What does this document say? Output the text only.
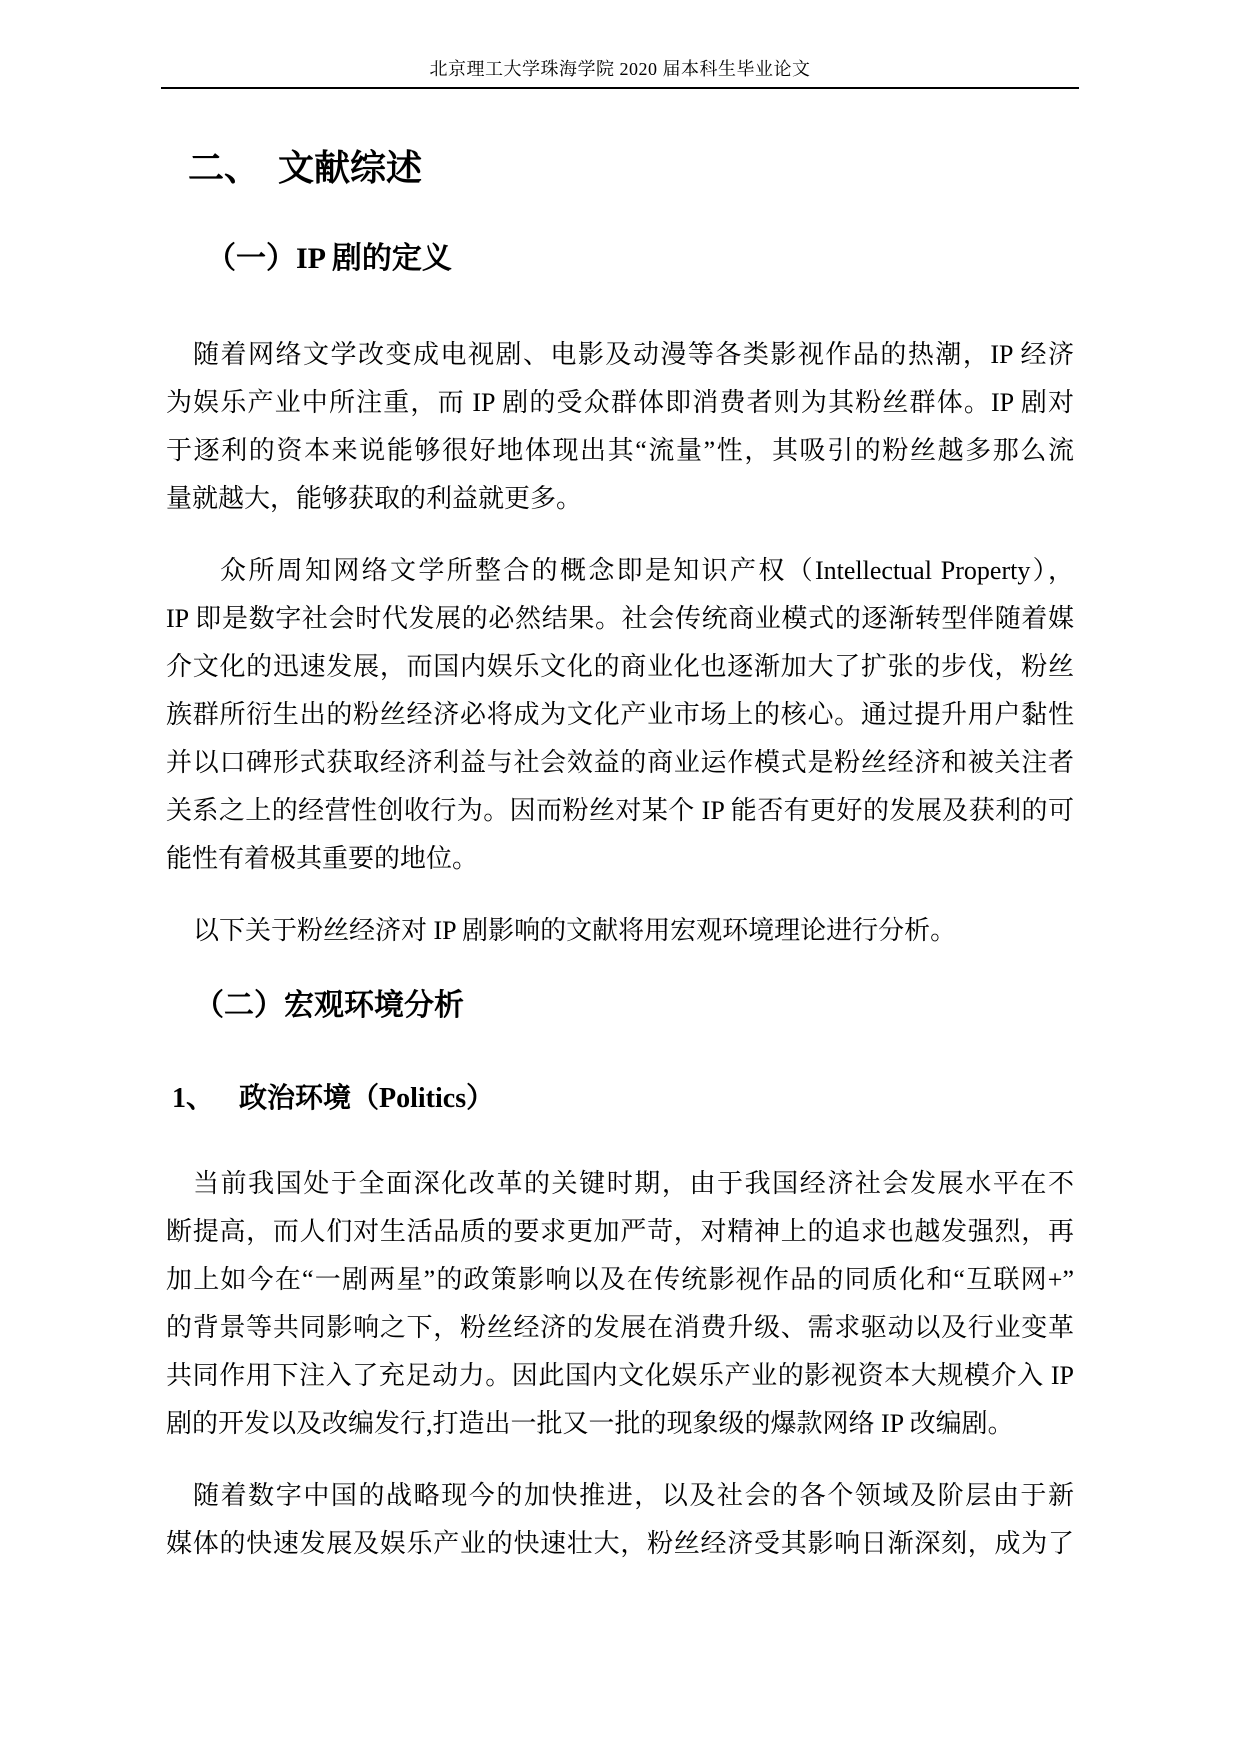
北京理工大学珠海学院 2020 届本科生毕业论文
二、　文献综述
（一）IP 剧的定义
随着网络文学改变成电视剧、电影及动漫等各类影视作品的热潮，IP 经济
为娱乐产业中所注重，而 IP 剧的受众群体即消费者则为其粉丝群体。IP 剧对
于逐利的资本来说能够很好地体现出其“流量”性，其吸引的粉丝越多那么流
量就越大，能够获取的利益就更多。
众所周知网络文学所整合的概念即是知识产权（Intellectual Property），
IP 即是数字社会时代发展的必然结果。社会传统商业模式的逐渐转型伴随着媒
介文化的迅速发展，而国内娱乐文化的商业化也逐渐加大了扩张的步伐，粉丝
族群所衍生出的粉丝经济必将成为文化产业市场上的核心。通过提升用户黏性
并以口碑形式获取经济利益与社会效益的商业运作模式是粉丝经济和被关注者
关系之上的经营性创收行为。因而粉丝对某个 IP 能否有更好的发展及获利的可
能性有着极其重要的地位。
以下关于粉丝经济对 IP 剧影响的文献将用宏观环境理论进行分析。
（二）宏观环境分析
1、 政治环境（Politics）
当前我国处于全面深化改革的关键时期，由于我国经济社会发展水平在不
断提高，而人们对生活品质的要求更加严苛，对精神上的追求也越发强烈，再
加上如今在“一剧两星”的政策影响以及在传统影视作品的同质化和“互联网+”
的背景等共同影响之下，粉丝经济的发展在消费升级、需求驱动以及行业变革
共同作用下注入了充足动力。因此国内文化娱乐产业的影视资本大规模介入 IP
剧的开发以及改编发行,打造出一批又一批的现象级的爆款网络 IP 改编剧。
随着数字中国的战略现今的加快推进，以及社会的各个领域及阶层由于新
媒体的快速发展及娱乐产业的快速壮大，粉丝经济受其影响日渐深刻，成为了
